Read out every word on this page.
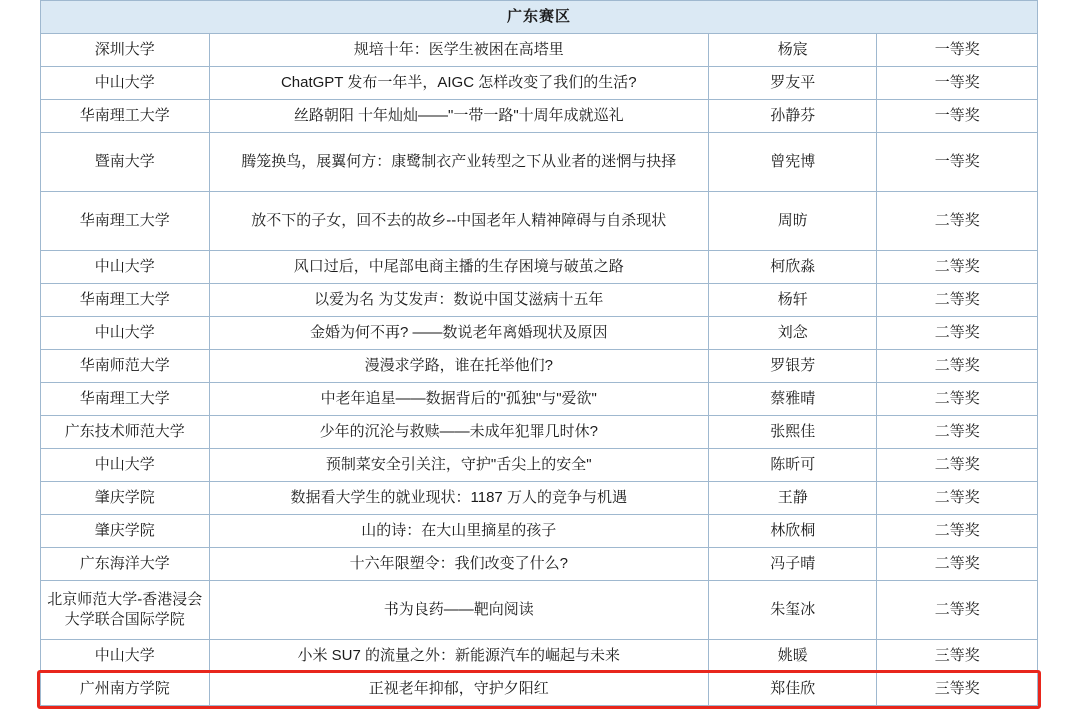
广东赛区			
深圳大学	规培十年：医学生被困在高塔里	杨宸	一等奖
中山大学	ChatGPT 发布一年半，AIGC 怎样改变了我们的生活?	罗友平	一等奖
华南理工大学	丝路朝阳 十年灿灿——"一带一路"十周年成就巡礼	孙静芬	一等奖
暨南大学	腾笼换鸟，展翼何方：康鹭制衣产业转型之下从业者的迷惘与抉择	曾宪博	一等奖
华南理工大学	放不下的子女，回不去的故乡--中国老年人精神障碍与自杀现状	周昉	二等奖
中山大学	风口过后，中尾部电商主播的生存困境与破茧之路	柯欣淼	二等奖
华南理工大学	以爱为名 为艾发声：数说中国艾滋病十五年	杨轩	二等奖
中山大学	金婚为何不再? ——数说老年离婚现状及原因	刘念	二等奖
华南师范大学	漫漫求学路，谁在托举他们?	罗银芳	二等奖
华南理工大学	中老年追星——数据背后的"孤独"与"爱欲"	蔡雅晴	二等奖
广东技术师范大学	少年的沉沦与救赎——未成年犯罪几时休?	张熙佳	二等奖
中山大学	预制菜安全引关注，守护"舌尖上的安全"	陈昕可	二等奖
肇庆学院	数据看大学生的就业现状：1187 万人的竞争与机遇	王静	二等奖
肇庆学院	山的诗：在大山里摘星的孩子	林欣桐	二等奖
广东海洋大学	十六年限塑令：我们改变了什么?	冯子晴	二等奖
北京师范大学-香港浸会大学联合国际学院	书为良药——靶向阅读	朱玺冰	二等奖
中山大学	小米 SU7 的流量之外：新能源汽车的崛起与未来	姚暖	三等奖
广州南方学院	正视老年抑郁，守护夕阳红	郑佳欣	三等奖
